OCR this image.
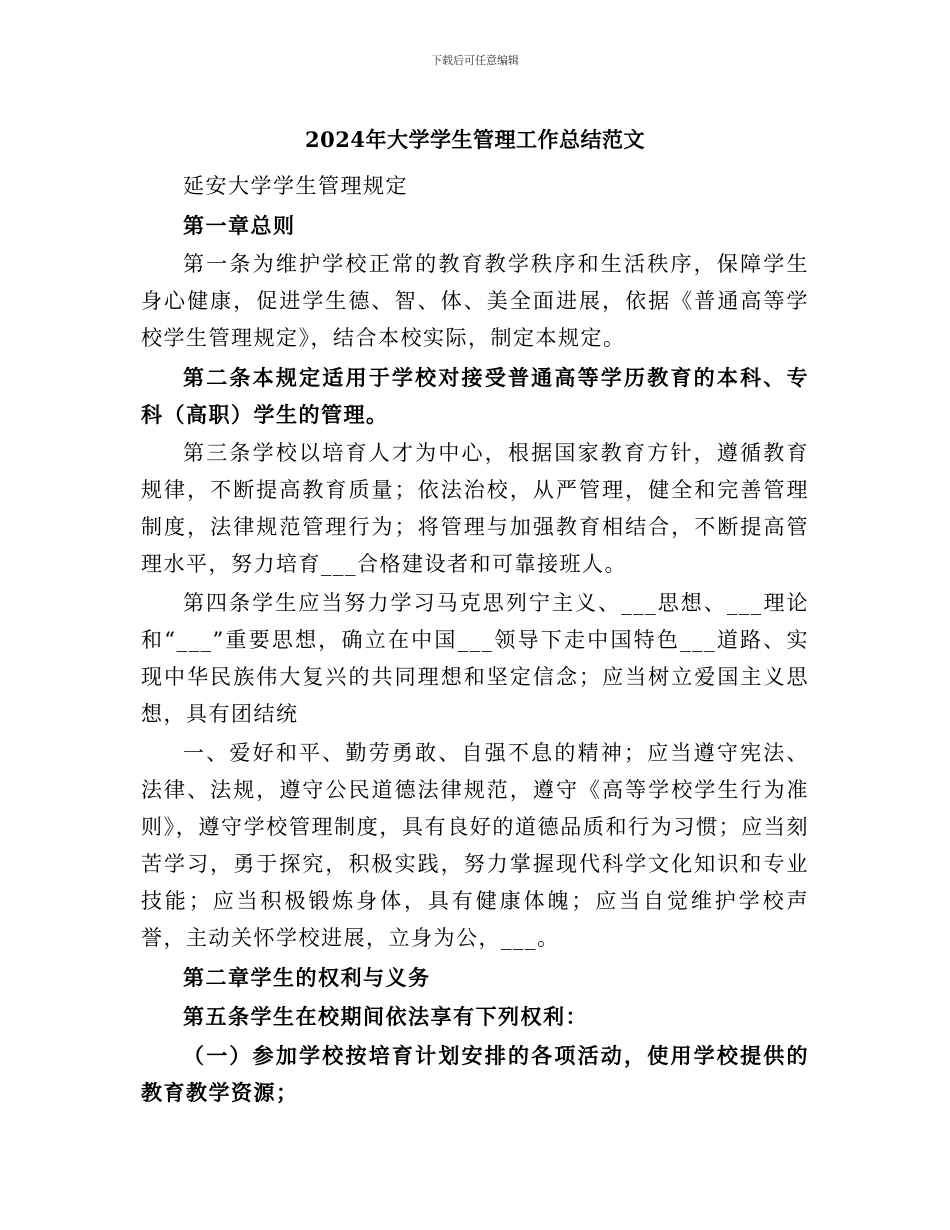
下载后可任意编辑
2024年大学学生管理工作总结范文

延安大学学生管理规定

第一章总则

第一条为维护学校正常的教育教学秩序和生活秩序，保障学生身心健康，促进学生德、智、体、美全面进展，依据《普通高等学校学生管理规定》，结合本校实际，制定本规定。

第二条本规定适用于学校对接受普通高等学历教育的本科、专科（高职）学生的管理。

第三条学校以培育人才为中心，根据国家教育方针，遵循教育规律，不断提高教育质量；依法治校，从严管理，健全和完善管理制度，法律规范管理行为；将管理与加强教育相结合，不断提高管理水平，努力培育___合格建设者和可靠接班人。

第四条学生应当努力学习马克思列宁主义、___思想、___理论和“___”重要思想，确立在中国___领导下走中国特色___道路、实现中华民族伟大复兴的共同理想和坚定信念；应当树立爱国主义思想，具有团结统

一、爱好和平、勤劳勇敢、自强不息的精神；应当遵守宪法、法律、法规，遵守公民道德法律规范，遵守《高等学校学生行为准则》，遵守学校管理制度，具有良好的道德品质和行为习惯；应当刻苦学习，勇于探究，积极实践，努力掌握现代科学文化知识和专业技能；应当积极锻炼身体，具有健康体魄；应当自觉维护学校声誉，主动关怀学校进展，立身为公，___。

第二章学生的权利与义务

第五条学生在校期间依法享有下列权利：

（一）参加学校按培育计划安排的各项活动，使用学校提供的教育教学资源；
